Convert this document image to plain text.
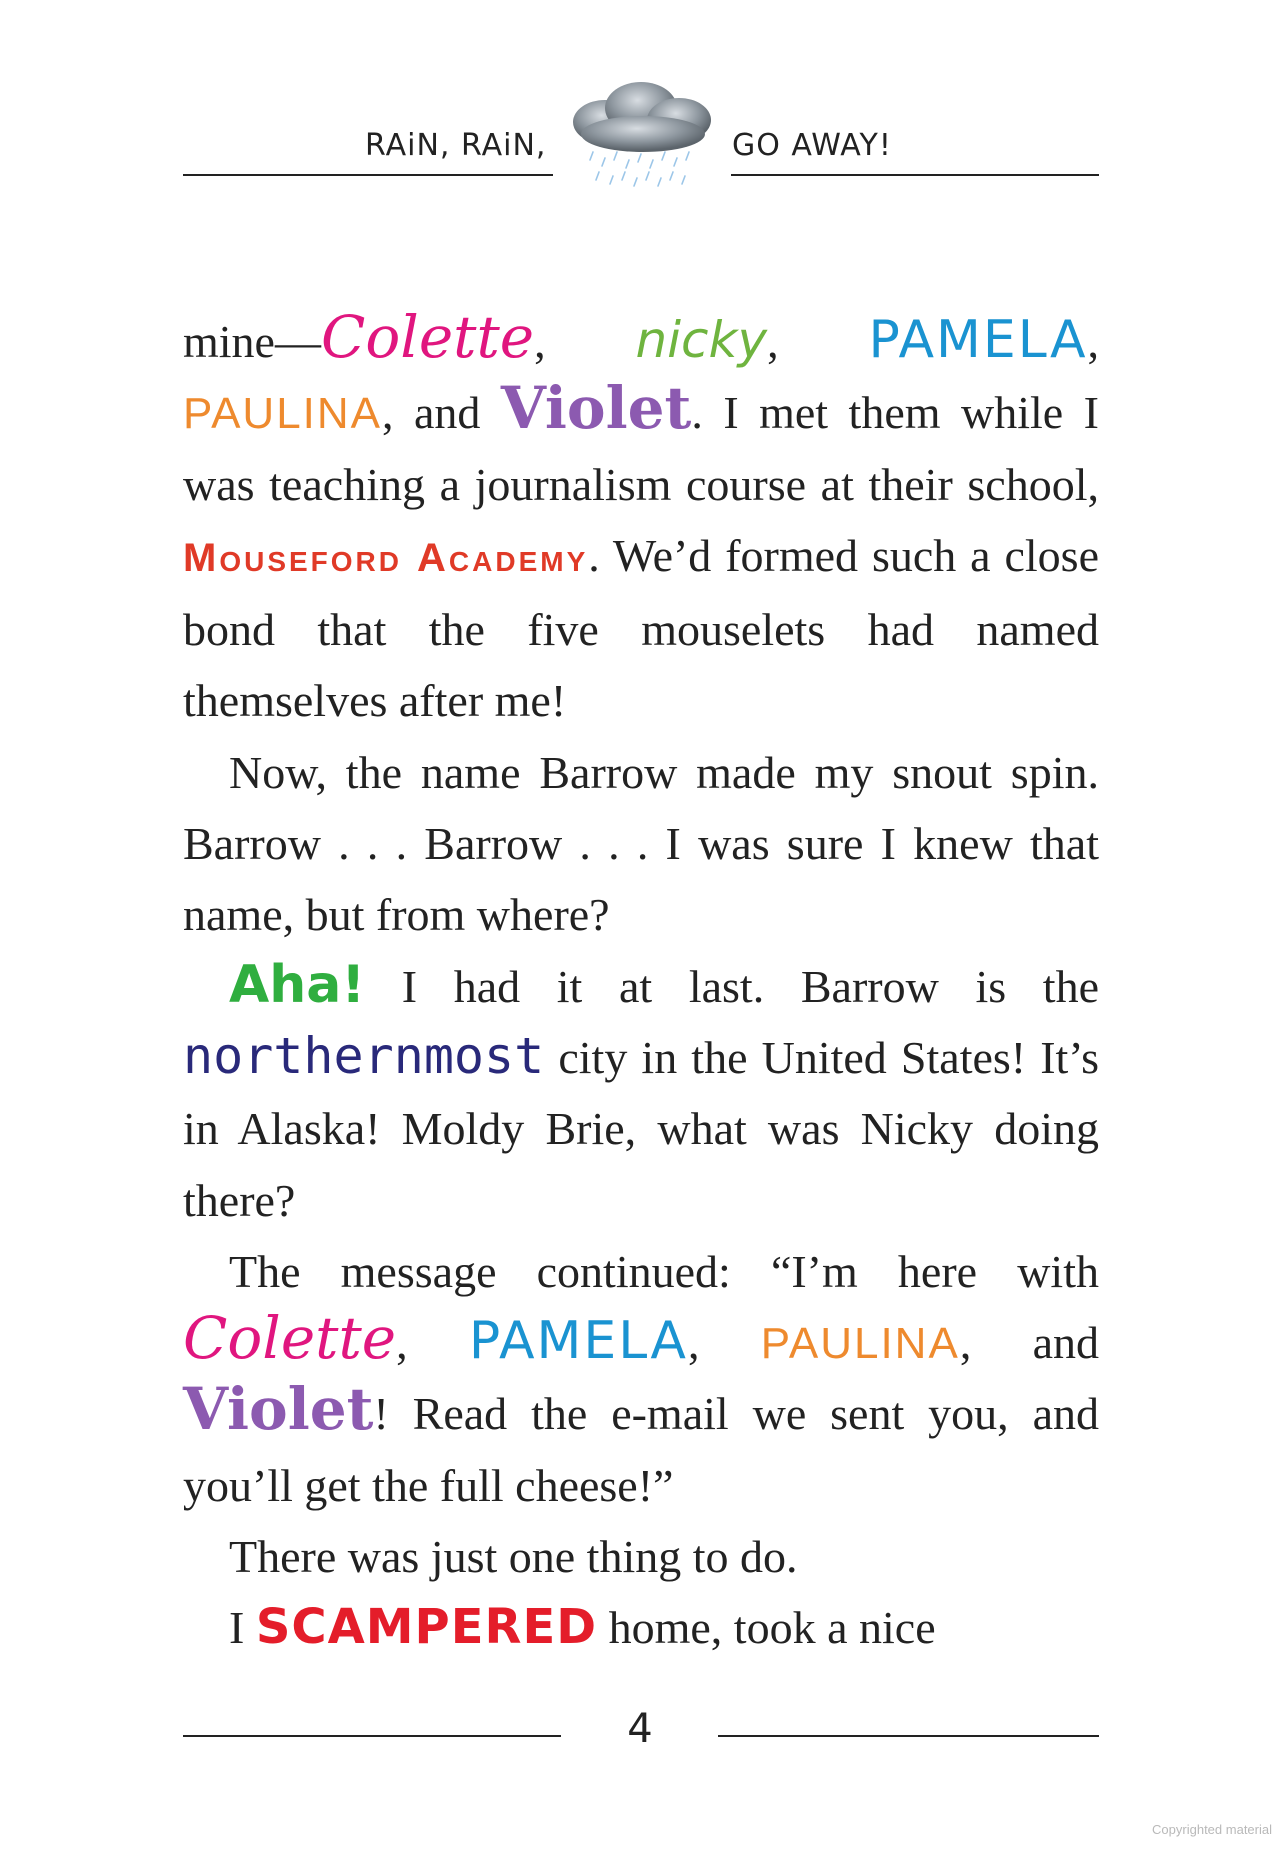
RAiN, RAiN,	GO AWAY!

mine—Colette, nicky, PAMELA, PAULINA, and Violet. I met them while I was teaching a journalism course at their school, Mouseford Academy. We’d formed such a close bond that the five mouselets had named themselves after me!

Now, the name Barrow made my snout spin. Barrow . . . Barrow . . . I was sure I knew that name, but from where?

Aha! I had it at last. Barrow is the northernmost city in the United States! It’s in Alaska! Moldy Brie, what was Nicky doing there?

The message continued: “I’m here with Colette, PAMELA, PAULINA, and Violet! Read the e-mail we sent you, and you’ll get the full cheese!”

There was just one thing to do.

I SCAMPERED home, took a nice

4
Copyrighted material
